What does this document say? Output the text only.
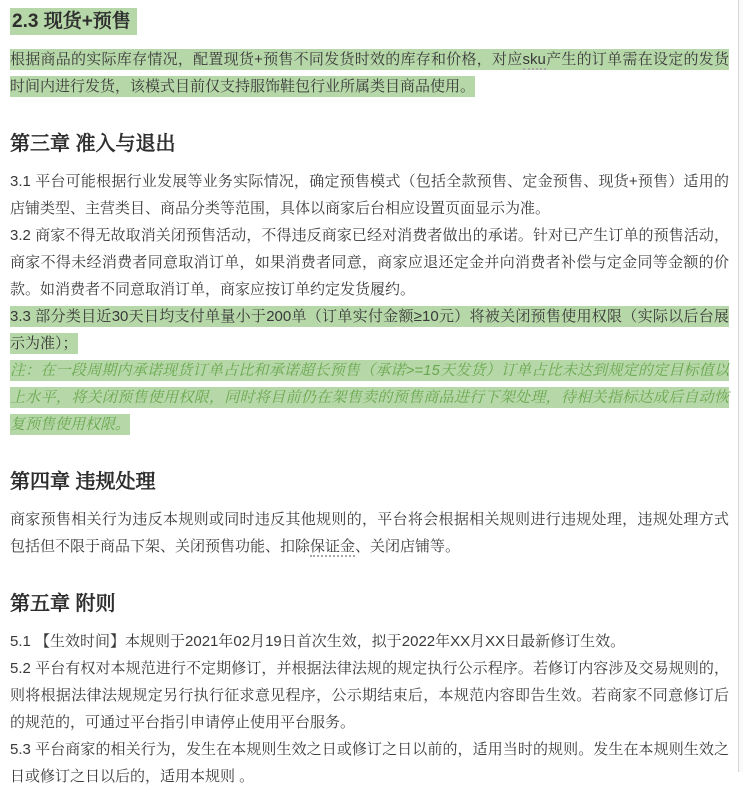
2.3 现货+预售

根据商品的实际库存情况，配置现货+预售不同发货时效的库存和价格，对应sku产生的订单需在设定的发货时间内进行发货，该模式目前仅支持服饰鞋包行业所属类目商品使用。

第三章 准入与退出

3.1 平台可能根据行业发展等业务实际情况，确定预售模式（包括全款预售、定金预售、现货+预售）适用的店铺类型、主营类目、商品分类等范围，具体以商家后台相应设置页面显示为准。

3.2 商家不得无故取消关闭预售活动，不得违反商家已经对消费者做出的承诺。针对已产生订单的预售活动，商家不得未经消费者同意取消订单，如果消费者同意，商家应退还定金并向消费者补偿与定金同等金额的价款。如消费者不同意取消订单，商家应按订单约定发货履约。

3.3 部分类目近30天日均支付单量小于200单（订单实付金额≥10元）将被关闭预售使用权限（实际以后台展示为准）；

注：在一段周期内承诺现货订单占比和承诺超长预售（承诺>=15天发货）订单占比未达到规定的定目标值以上水平，将关闭预售使用权限，同时将目前仍在架售卖的预售商品进行下架处理，待相关指标达成后自动恢复预售使用权限。

第四章 违规处理

商家预售相关行为违反本规则或同时违反其他规则的，平台将会根据相关规则进行违规处理，违规处理方式包括但不限于商品下架、关闭预售功能、扣除保证金、关闭店铺等。

第五章 附则

5.1 【生效时间】本规则于2021年02月19日首次生效，拟于2022年XX月XX日最新修订生效。

5.2 平台有权对本规范进行不定期修订，并根据法律法规的规定执行公示程序。若修订内容涉及交易规则的，则将根据法律法规规定另行执行征求意见程序，公示期结束后，本规范内容即告生效。若商家不同意修订后的规范的，可通过平台指引申请停止使用平台服务。

5.3 平台商家的相关行为，发生在本规则生效之日或修订之日以前的，适用当时的规则。发生在本规则生效之日或修订之日以后的，适用本规则 。
